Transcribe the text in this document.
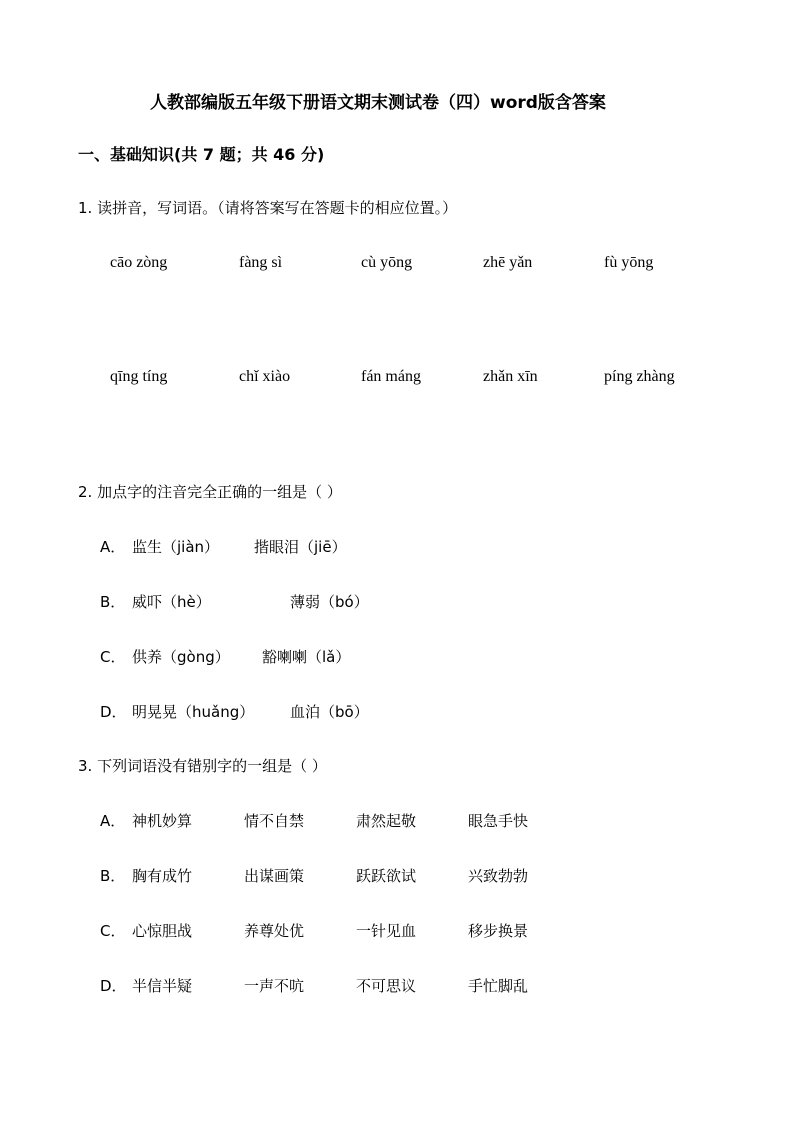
人教部编版五年级下册语文期末测试卷（四）word版含答案
一、基础知识(共 7 题；共 46 分)
1. 读拼音，写词语。（请将答案写在答题卡的相应位置。）
cāo zòng	fàng sì	cù yōng	zhē yǎn	fù yōng
qīng tíng	chǐ xiào	fán máng	zhǎn xīn	píng zhàng
2. 加点字的注音完全正确的一组是（ ）
A． 监生（jiàn） 揩眼泪（jiē）
B． 威吓（hè）	薄弱（bó）
C． 供养（gòng） 豁喇喇（lǎ）
D． 明晃晃（huǎng） 血泊（bō）
3. 下列词语没有错别字的一组是（ ）
A． 神机妙算	情不自禁	肃然起敬	眼急手快
B． 胸有成竹	出谋画策	跃跃欲试	兴致勃勃
C． 心惊胆战	养尊处优	一针见血	移步换景
D． 半信半疑	一声不吭	不可思议	手忙脚乱
